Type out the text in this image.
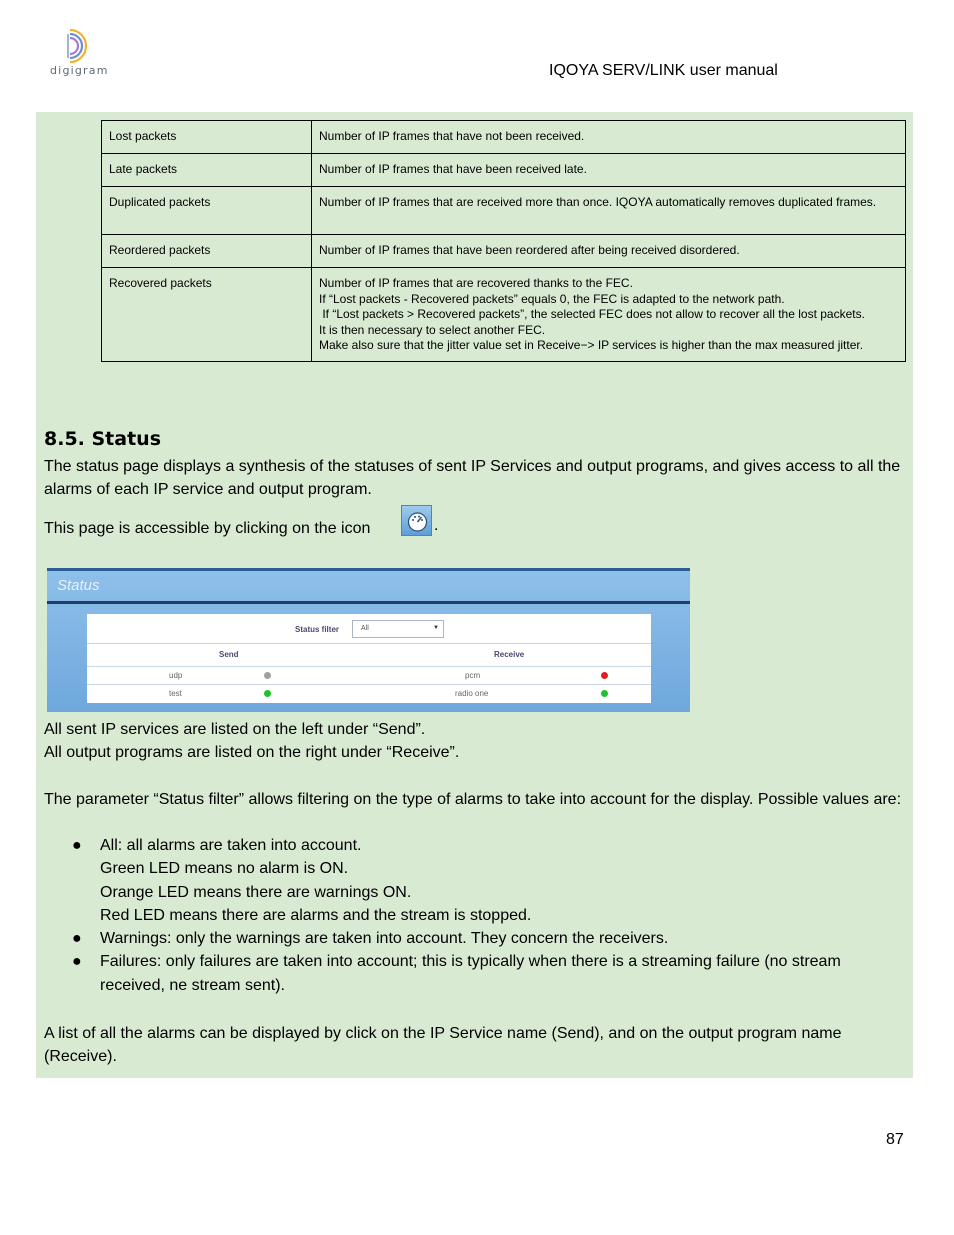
digigram	IQOYA SERV/LINK user manual
Lost packets	Number of IP frames that have not been received.
Late packets	Number of IP frames that have been received late.
Duplicated packets	Number of IP frames that are received more than once. IQOYA automatically removes duplicated frames.
Reordered packets	Number of IP frames that have been reordered after being received disordered.
Recovered packets	Number of IP frames that are recovered thanks to the FEC.
If “Lost packets - Recovered packets” equals 0, the FEC is adapted to the network path.
If “Lost packets > Recovered packets”, the selected FEC does not allow to recover all the lost packets.
It is then necessary to select another FEC.
Make also sure that the jitter value set in Receive−> IP services is higher than the max measured jitter.
8.5. Status
The status page displays a synthesis of the statuses of sent IP Services and output programs, and gives access to all the alarms of each IP service and output program.
This page is accessible by clicking on the icon	.
Status
Status filter	All	▼
Send	Receive
udp	pcm
test	radio one
All sent IP services are listed on the left under “Send”.
All output programs are listed on the right under “Receive”.
The parameter “Status filter” allows filtering on the type of alarms to take into account for the display. Possible values are:
● All: all alarms are taken into account.
Green LED means no alarm is ON.
Orange LED means there are warnings ON.
Red LED means there are alarms and the stream is stopped.
● Warnings: only the warnings are taken into account. They concern the receivers.
● Failures: only failures are taken into account; this is typically when there is a streaming failure (no stream received, ne stream sent).
A list of all the alarms can be displayed by click on the IP Service name (Send), and on the output program name (Receive).
87
